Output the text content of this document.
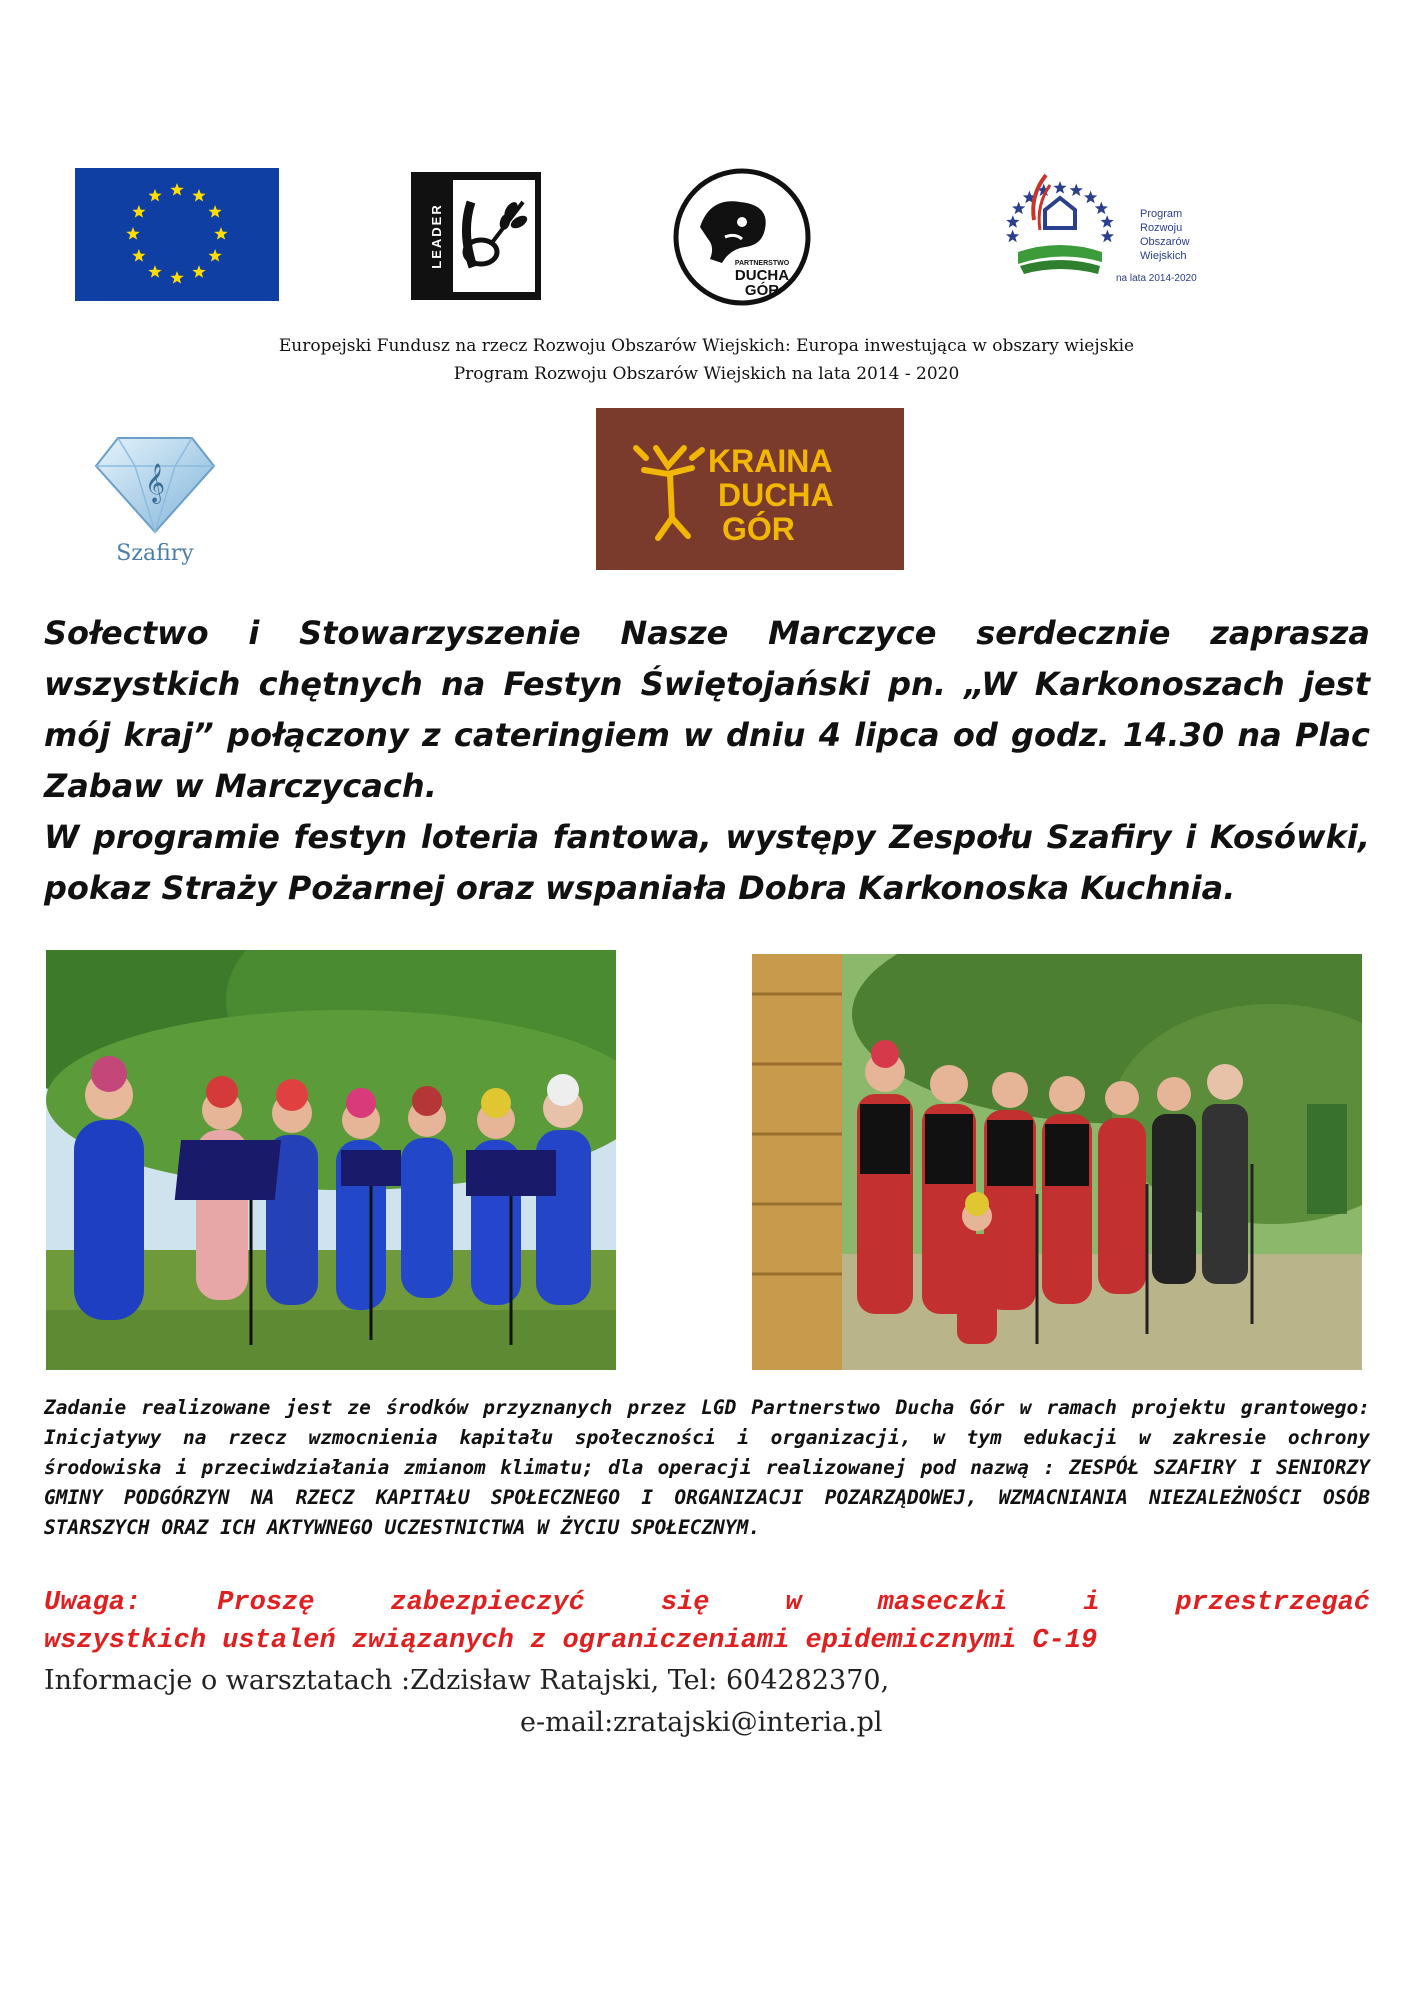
LEADER	PARTNERSTWO
DUCHA
GÓR
Program
Rozwoju
Obszarów
Wiejskich
na lata 2014-2020
Europejski Fundusz na rzecz Rozwoju Obszarów Wiejskich: Europa inwestująca w obszary wiejskie
Program Rozwoju Obszarów Wiejskich na lata 2014 - 2020
𝄞
Szafiry
KRAINA
DUCHA
GÓR

Sołectwo i Stowarzyszenie Nasze Marczyce serdecznie zaprasza wszystkich chętnych na Festyn Świętojański pn. „W Karkonoszach jest mój kraj” połączony z cateringiem w dniu 4 lipca od godz. 14.30 na Plac Zabaw w Marczycach.

W programie festyn loteria fantowa, występy Zespołu Szafiry i Kosówki, pokaz Straży Pożarnej oraz wspaniała Dobra Karkonoska Kuchnia.

Zadanie realizowane jest ze środków przyznanych przez LGD Partnerstwo Ducha Gór w ramach projektu grantowego: Inicjatywy na rzecz wzmocnienia kapitału społeczności i organizacji, w tym edukacji w zakresie ochrony środowiska i przeciwdziałania zmianom klimatu; dla operacji realizowanej pod nazwą : ZESPÓŁ SZAFIRY I SENIORZY GMINY PODGÓRZYN NA RZECZ KAPITAŁU SPOŁECZNEGO I ORGANIZACJI POZARZĄDOWEJ, WZMACNIANIA NIEZALEŻNOŚCI OSÓB STARSZYCH ORAZ ICH AKTYWNEGO UCZESTNICTWA W ŻYCIU SPOŁECZNYM.
Uwaga: Proszę zabezpieczyć się w maseczki i przestrzegać
wszystkich ustaleń związanych z ograniczeniami epidemicznymi C-19
Informacje o warsztatach :Zdzisław Ratajski, Tel: 604282370,
e-mail:zratajski@interia.pl
